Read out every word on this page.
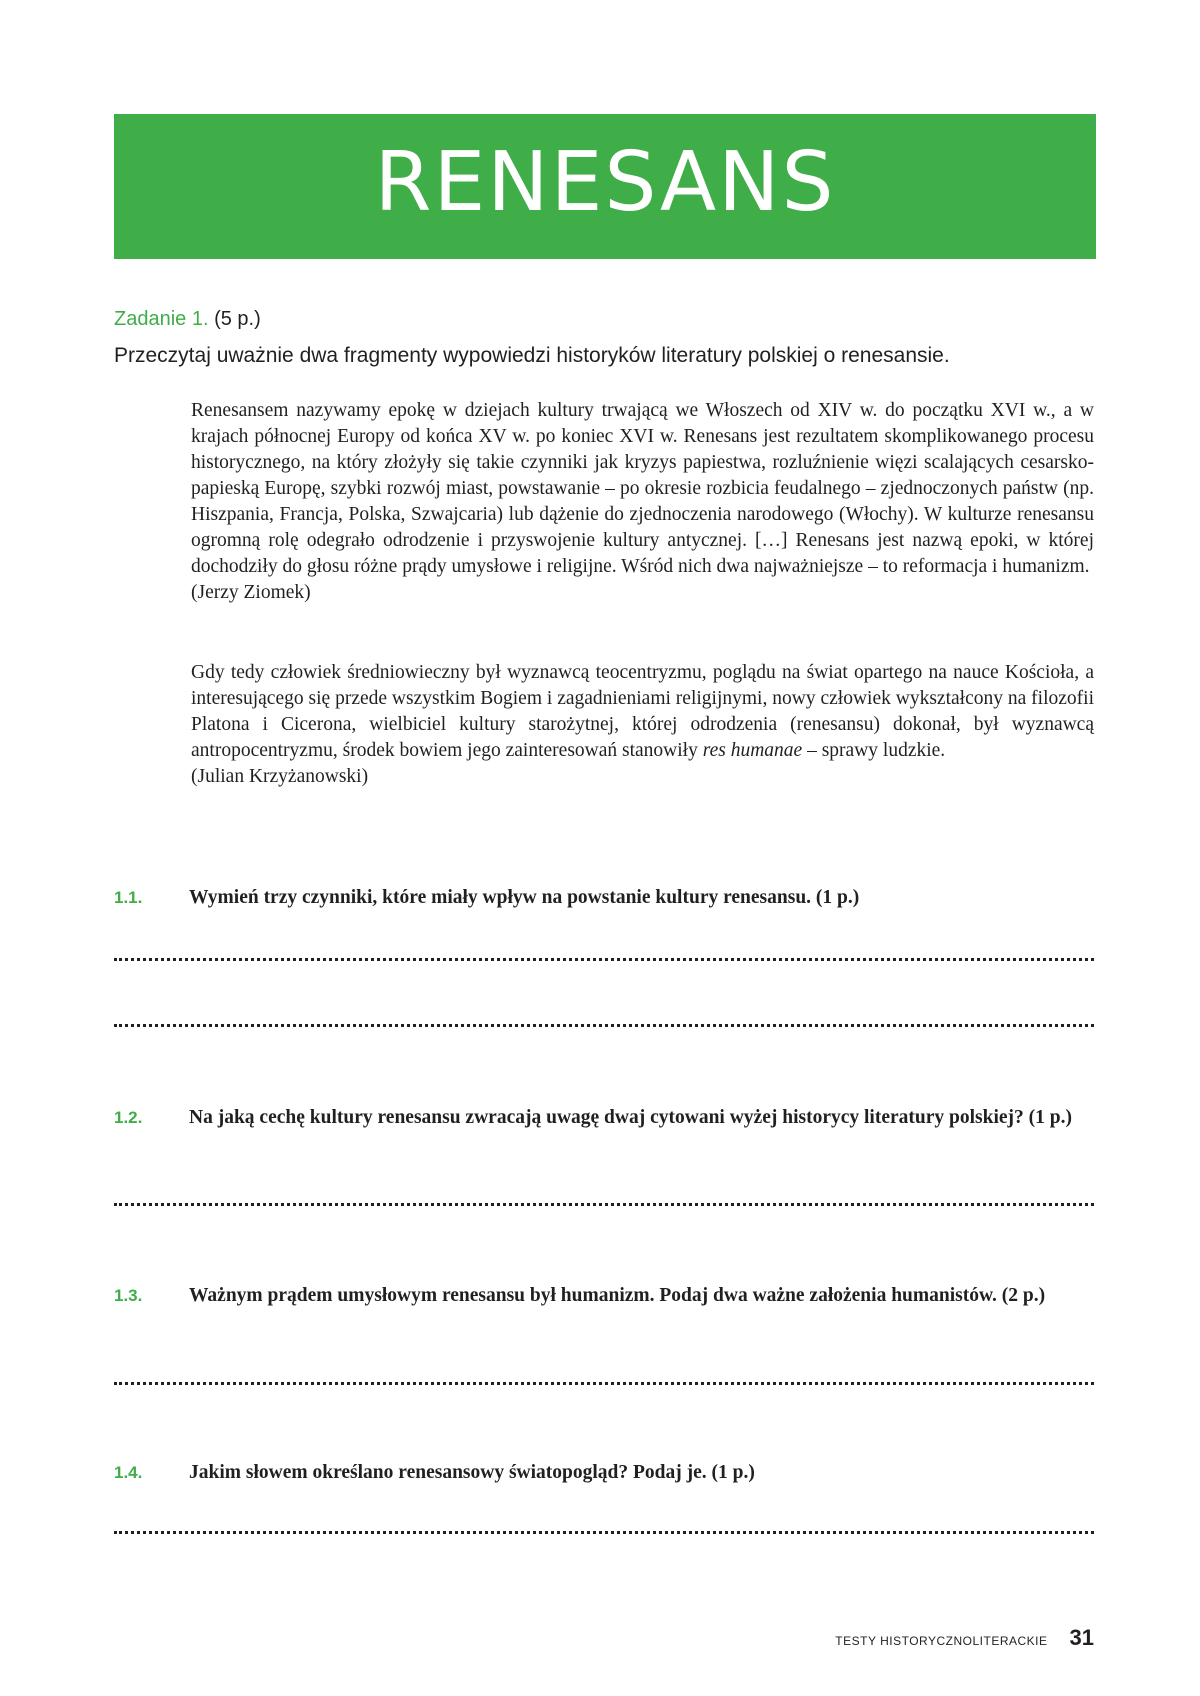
RENESANS
Zadanie 1. (5 p.)
Przeczytaj uważnie dwa fragmenty wypowiedzi historyków literatury polskiej o renesansie.

Renesansem nazywamy epokę w dziejach kultury trwającą we Włoszech od XIV w. do początku XVI w., a w krajach północnej Europy od końca XV w. po koniec XVI w. Renesans jest rezultatem skomplikowanego procesu historycznego, na który złożyły się takie czynniki jak kryzys papiestwa, rozluźnienie więzi scalających cesarsko-papieską Europę, szybki rozwój miast, powstawanie – po okresie rozbicia feudalnego – zjednoczonych państw (np. Hiszpania, Francja, Polska, Szwajcaria) lub dążenie do zjednoczenia narodowego (Włochy). W kulturze renesansu ogromną rolę odegrało odrodzenie i przyswojenie kultury antycznej. […] Renesans jest nazwą epoki, w której dochodziły do głosu różne prądy umysłowe i religijne. Wśród nich dwa najważniejsze – to reformacja i humanizm.

(Jerzy Ziomek)

Gdy tedy człowiek średniowieczny był wyznawcą teocentryzmu, poglądu na świat opartego na nauce Kościoła, a interesującego się przede wszystkim Bogiem i zagadnieniami religijnymi, nowy człowiek wykształcony na filozofii Platona i Cicerona, wielbiciel kultury starożytnej, której odrodzenia (renesansu) dokonał, był wyznawcą antropocentryzmu, środek bowiem jego zainteresowań stanowiły res humanae – sprawy ludzkie.

(Julian Krzyżanowski)

1.1. Wymień trzy czynniki, które miały wpływ na powstanie kultury renesansu. (1 p.)
1.2. Na jaką cechę kultury renesansu zwracają uwagę dwaj cytowani wyżej historycy literatury polskiej? (1 p.)
1.3. Ważnym prądem umysłowym renesansu był humanizm. Podaj dwa ważne założenia humanistów. (2 p.)
1.4. Jakim słowem określano renesansowy światopogląd? Podaj je. (1 p.)
TESTY HISTORYCZNOLITERACKIE 31
